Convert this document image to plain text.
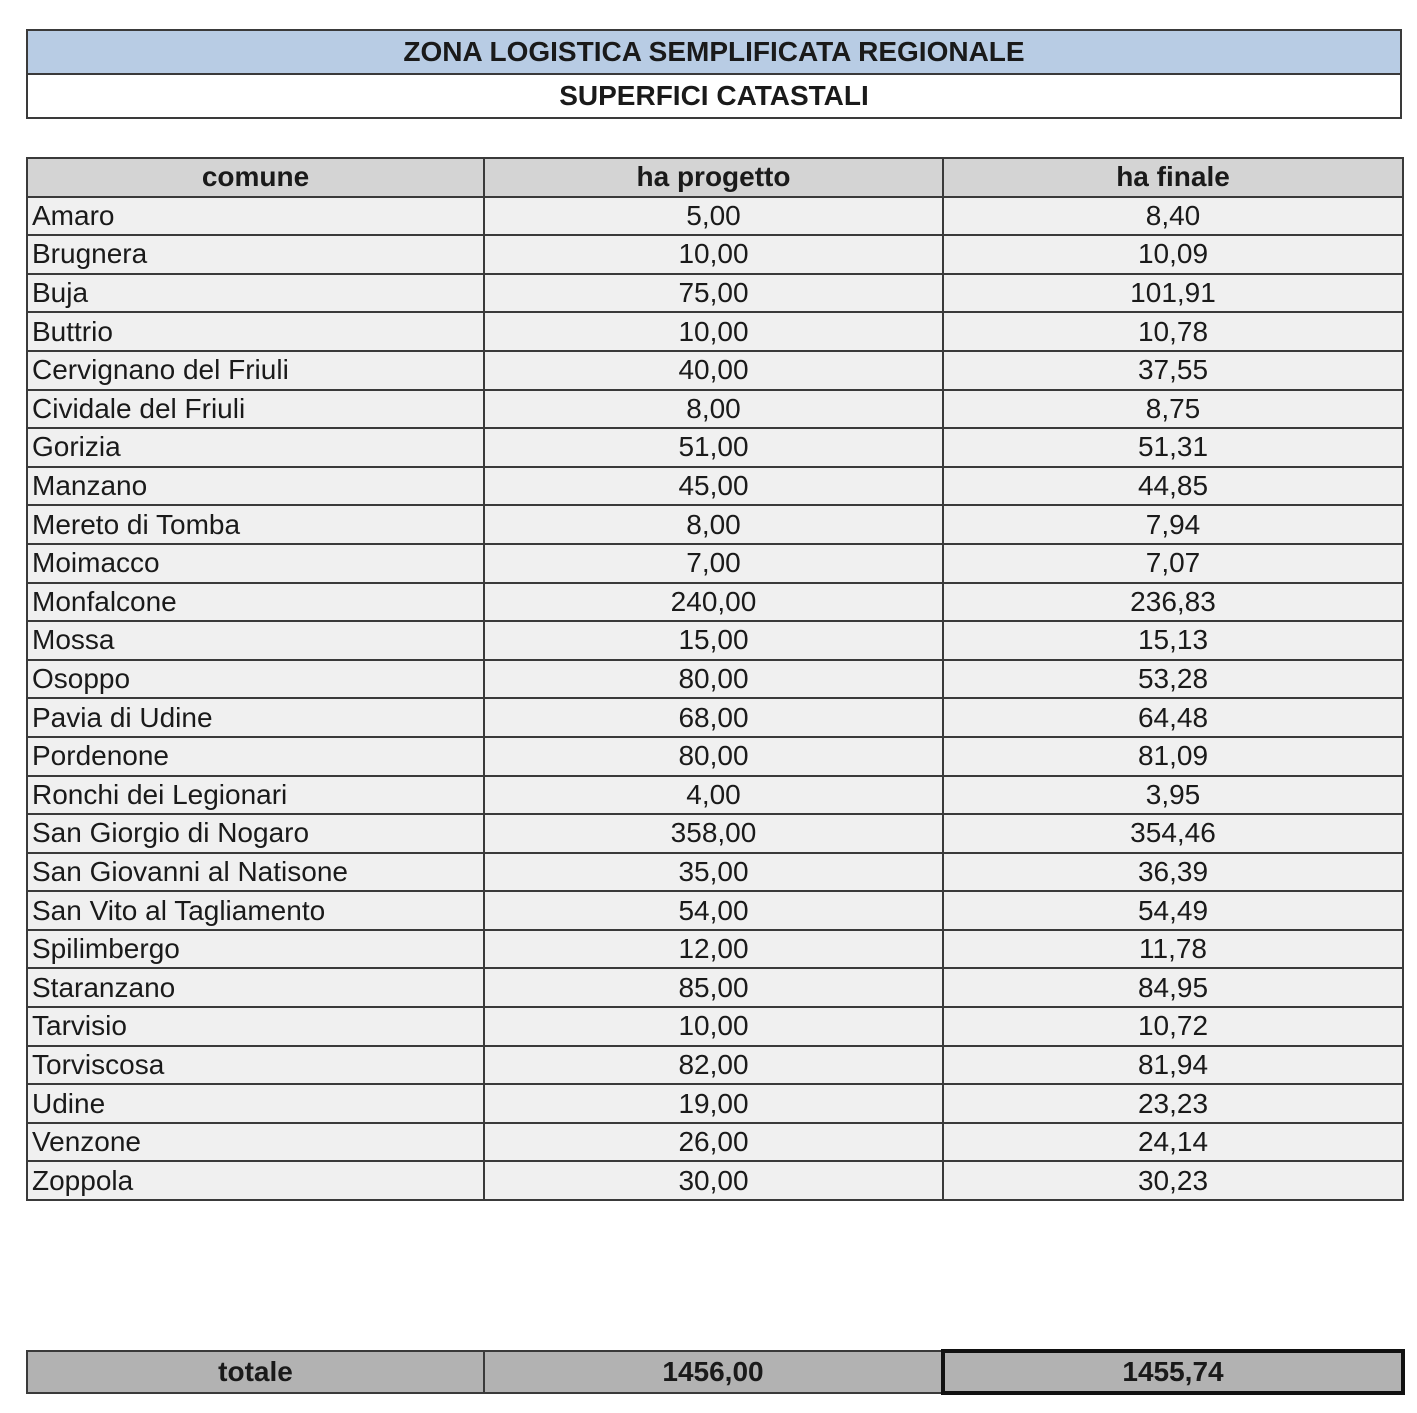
ZONA LOGISTICA SEMPLIFICATA REGIONALE
SUPERFICI CATASTALI
comune	ha progetto	ha finale
Amaro	5,00	8,40
Brugnera	10,00	10,09
Buja	75,00	101,91
Buttrio	10,00	10,78
Cervignano del Friuli	40,00	37,55
Cividale del Friuli	8,00	8,75
Gorizia	51,00	51,31
Manzano	45,00	44,85
Mereto di Tomba	8,00	7,94
Moimacco	7,00	7,07
Monfalcone	240,00	236,83
Mossa	15,00	15,13
Osoppo	80,00	53,28
Pavia di Udine	68,00	64,48
Pordenone	80,00	81,09
Ronchi dei Legionari	4,00	3,95
San Giorgio di Nogaro	358,00	354,46
San Giovanni al Natisone	35,00	36,39
San Vito al Tagliamento	54,00	54,49
Spilimbergo	12,00	11,78
Staranzano	85,00	84,95
Tarvisio	10,00	10,72
Torviscosa	82,00	81,94
Udine	19,00	23,23
Venzone	26,00	24,14
Zoppola	30,00	30,23
totale	1456,00	1455,74
